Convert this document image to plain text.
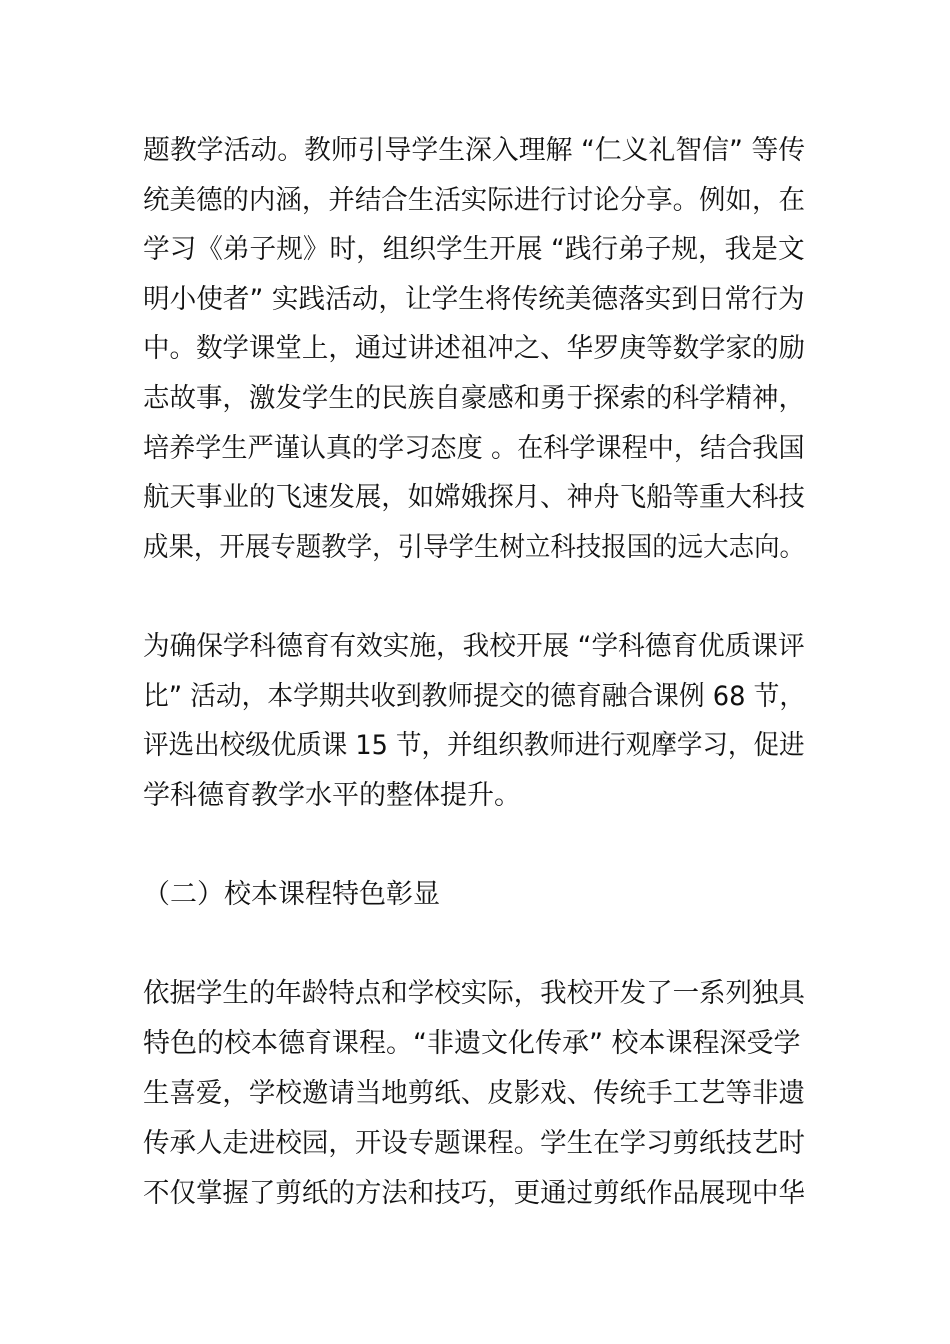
题教学活动。教师引导学生深入理解 “仁义礼智信” 等传
统美德的内涵，并结合生活实际进行讨论分享。例如，在
学习《弟子规》时，组织学生开展 “践行弟子规，我是文
明小使者” 实践活动，让学生将传统美德落实到日常行为
中。数学课堂上，通过讲述祖冲之、华罗庚等数学家的励
志故事，激发学生的民族自豪感和勇于探索的科学精神，
培养学生严谨认真的学习态度 。在科学课程中，结合我国
航天事业的飞速发展，如嫦娥探月、神舟飞船等重大科技
成果，开展专题教学，引导学生树立科技报国的远大志向。
为确保学科德育有效实施，我校开展 “学科德育优质课评
比” 活动，本学期共收到教师提交的德育融合课例 68 节，
评选出校级优质课 15 节，并组织教师进行观摩学习，促进
学科德育教学水平的整体提升。
（二）校本课程特色彰显
依据学生的年龄特点和学校实际，我校开发了一系列独具
特色的校本德育课程。“非遗文化传承” 校本课程深受学
生喜爱，学校邀请当地剪纸、皮影戏、传统手工艺等非遗
传承人走进校园，开设专题课程。学生在学习剪纸技艺时
不仅掌握了剪纸的方法和技巧，更通过剪纸作品展现中华
